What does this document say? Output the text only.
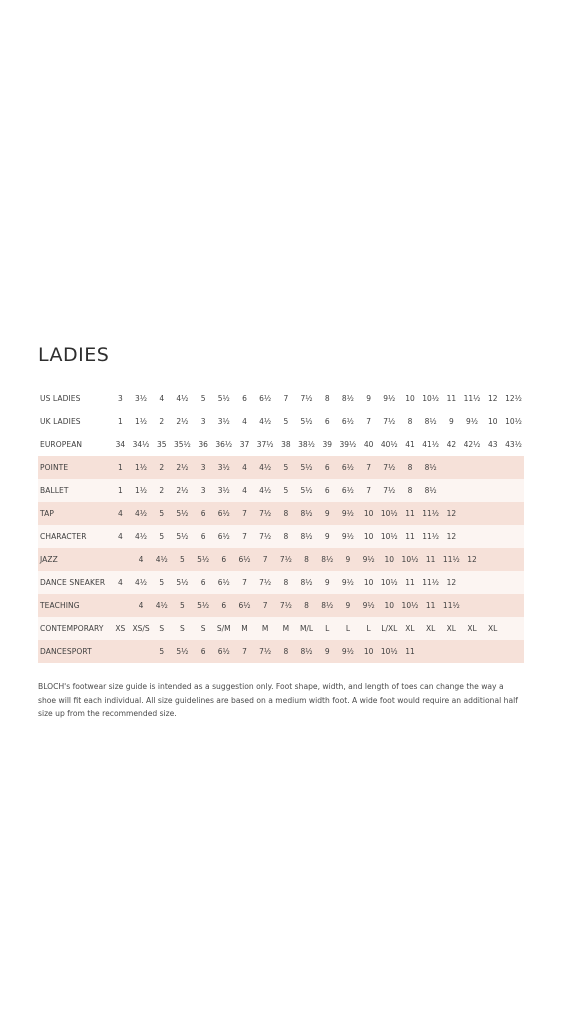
LADIES
US LADIES	3	3½	4	4½	5	5½	6	6½	7	7½	8	8½	9	9½	10	10½	11	11½	12	12½
UK LADIES	1	1½	2	2½	3	3½	4	4½	5	5½	6	6½	7	7½	8	8½	9	9½	10	10½
EUROPEAN	34	34½	35	35½	36	36½	37	37½	38	38½	39	39½	40	40½	41	41½	42	42½	43	43½
POINTE	1	1½	2	2½	3	3½	4	4½	5	5½	6	6½	7	7½	8	8½				
BALLET	1	1½	2	2½	3	3½	4	4½	5	5½	6	6½	7	7½	8	8½				
TAP	4	4½	5	5½	6	6½	7	7½	8	8½	9	9½	10	10½	11	11½	12			
CHARACTER	4	4½	5	5½	6	6½	7	7½	8	8½	9	9½	10	10½	11	11½	12			
JAZZ		4	4½	5	5½	6	6½	7	7½	8	8½	9	9½	10	10½	11	11½	12		
DANCE SNEAKER	4	4½	5	5½	6	6½	7	7½	8	8½	9	9½	10	10½	11	11½	12			
TEACHING		4	4½	5	5½	6	6½	7	7½	8	8½	9	9½	10	10½	11	11½			
CONTEMPORARY	XS	XS/S	S	S	S	S/M	M	M	M	M/L	L	L	L	L/XL	XL	XL	XL	XL	XL	
DANCESPORT			5	5½	6	6½	7	7½	8	8½	9	9½	10	10½	11					

BLOCH's footwear size guide is intended as a suggestion only. Foot shape, width, and length of toes can change the way a shoe will fit each individual. All size guidelines are based on a medium width foot. A wide foot would require an additional half size up from the recommended size.
